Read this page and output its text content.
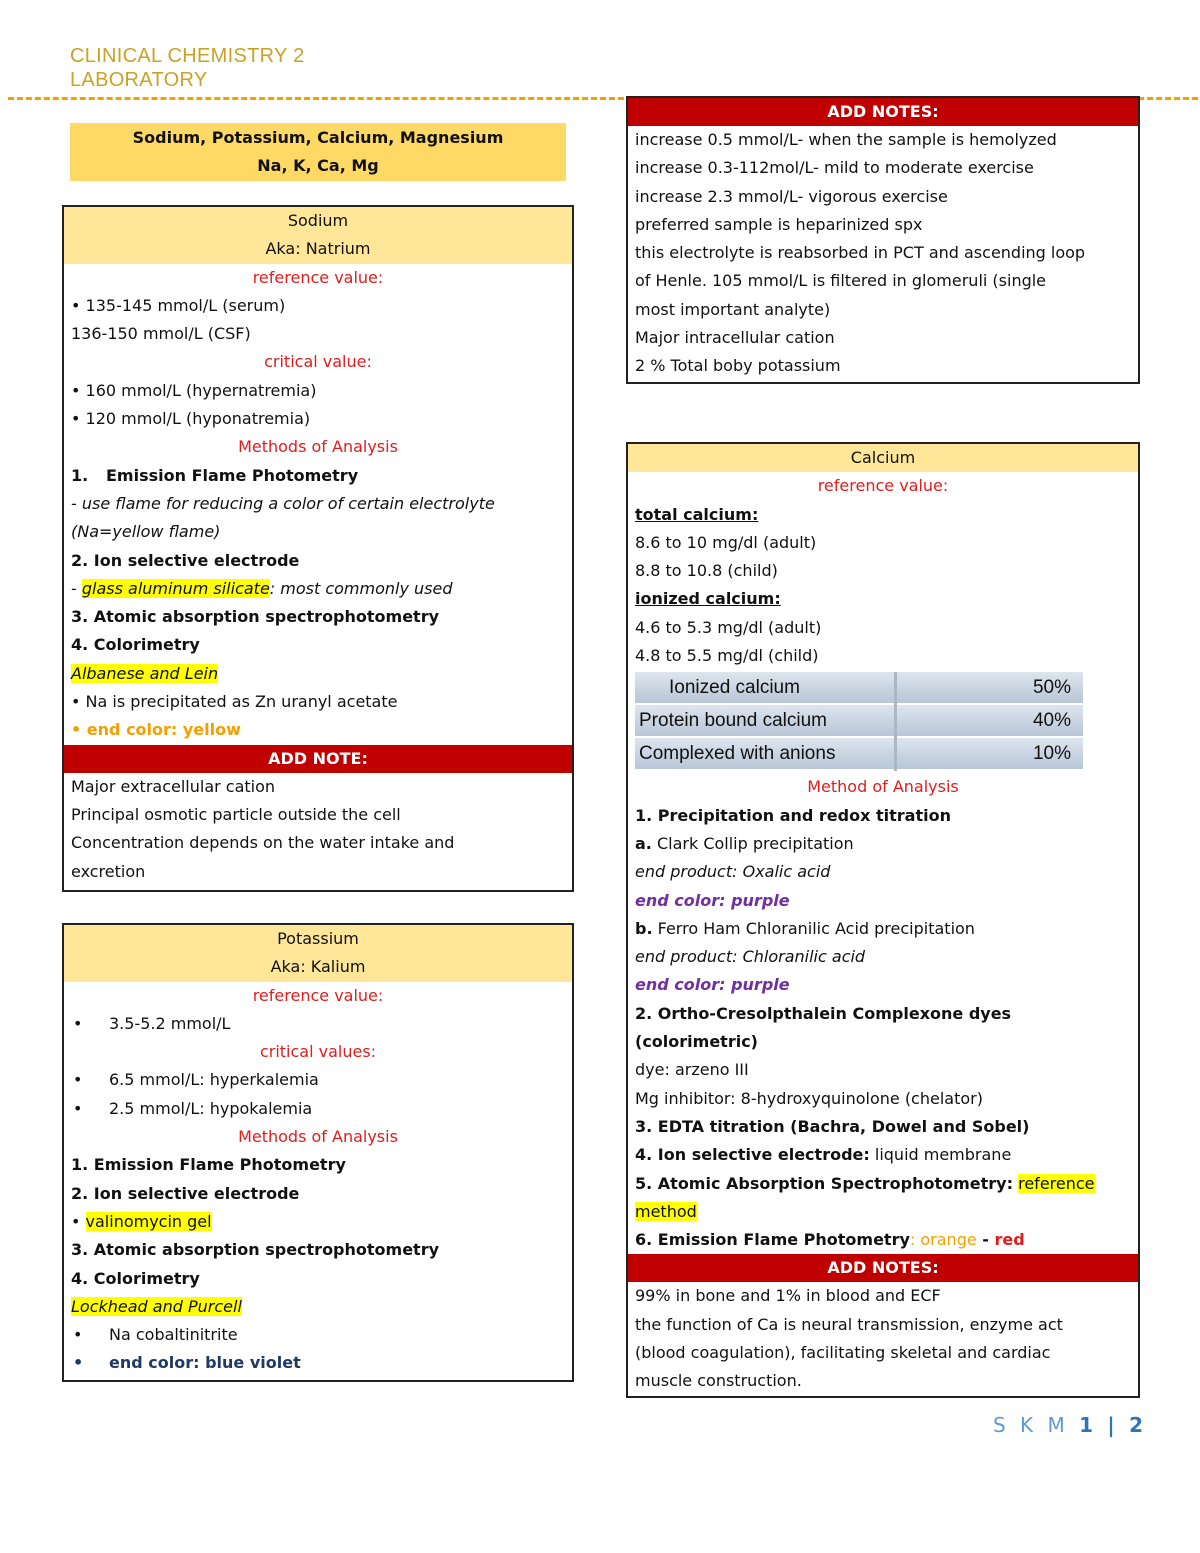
CLINICAL CHEMISTRY 2
LABORATORY
Sodium, Potassium, Calcium, Magnesium
Na, K, Ca, Mg
Sodium
Aka: Natrium
reference value:
• 135-145 mmol/L (serum)
136-150 mmol/L (CSF)
critical value:
• 160 mmol/L (hypernatremia)
• 120 mmol/L (hyponatremia)
Methods of Analysis
1. Emission Flame Photometry
- use flame for reducing a color of certain electrolyte
(Na=yellow flame)
2. Ion selective electrode
- glass aluminum silicate: most commonly used
3. Atomic absorption spectrophotometry
4. Colorimetry
Albanese and Lein
• Na is precipitated as Zn uranyl acetate
• end color: yellow
ADD NOTE:
Major extracellular cation
Principal osmotic particle outside the cell
Concentration depends on the water intake and
excretion
Potassium
Aka: Kalium
reference value:
• 3.5-5.2 mmol/L
critical values:
• 6.5 mmol/L: hyperkalemia
• 2.5 mmol/L: hypokalemia
Methods of Analysis
1. Emission Flame Photometry
2. Ion selective electrode
• valinomycin gel
3. Atomic absorption spectrophotometry
4. Colorimetry
Lockhead and Purcell
• Na cobaltinitrite
• end color: blue violet
ADD NOTES:
increase 0.5 mmol/L- when the sample is hemolyzed
increase 0.3-112mol/L- mild to moderate exercise
increase 2.3 mmol/L- vigorous exercise
preferred sample is heparinized spx
this electrolyte is reabsorbed in PCT and ascending loop
of Henle. 105 mmol/L is filtered in glomeruli (single
most important analyte)
Major intracellular cation
2 % Total boby potassium
Calcium
reference value:
total calcium:
8.6 to 10 mg/dl (adult)
8.8 to 10.8 (child)
ionized calcium:
4.6 to 5.3 mg/dl (adult)
4.8 to 5.5 mg/dl (child)
Ionized calcium	50%
Protein bound calcium	40%
Complexed with anions	10%
Method of Analysis
1. Precipitation and redox titration
a. Clark Collip precipitation
end product: Oxalic acid
end color: purple
b. Ferro Ham Chloranilic Acid precipitation
end product: Chloranilic acid
end color: purple
2. Ortho-Cresolpthalein Complexone dyes
(colorimetric)
dye: arzeno III
Mg inhibitor: 8-hydroxyquinolone (chelator)
3. EDTA titration (Bachra, Dowel and Sobel)
4. Ion selective electrode: liquid membrane
5. Atomic Absorption Spectrophotometry: reference
method
6. Emission Flame Photometry: orange - red
ADD NOTES:
99% in bone and 1% in blood and ECF
the function of Ca is neural transmission, enzyme act
(blood coagulation), facilitating skeletal and cardiac
muscle construction.
S K M 1 | 2
